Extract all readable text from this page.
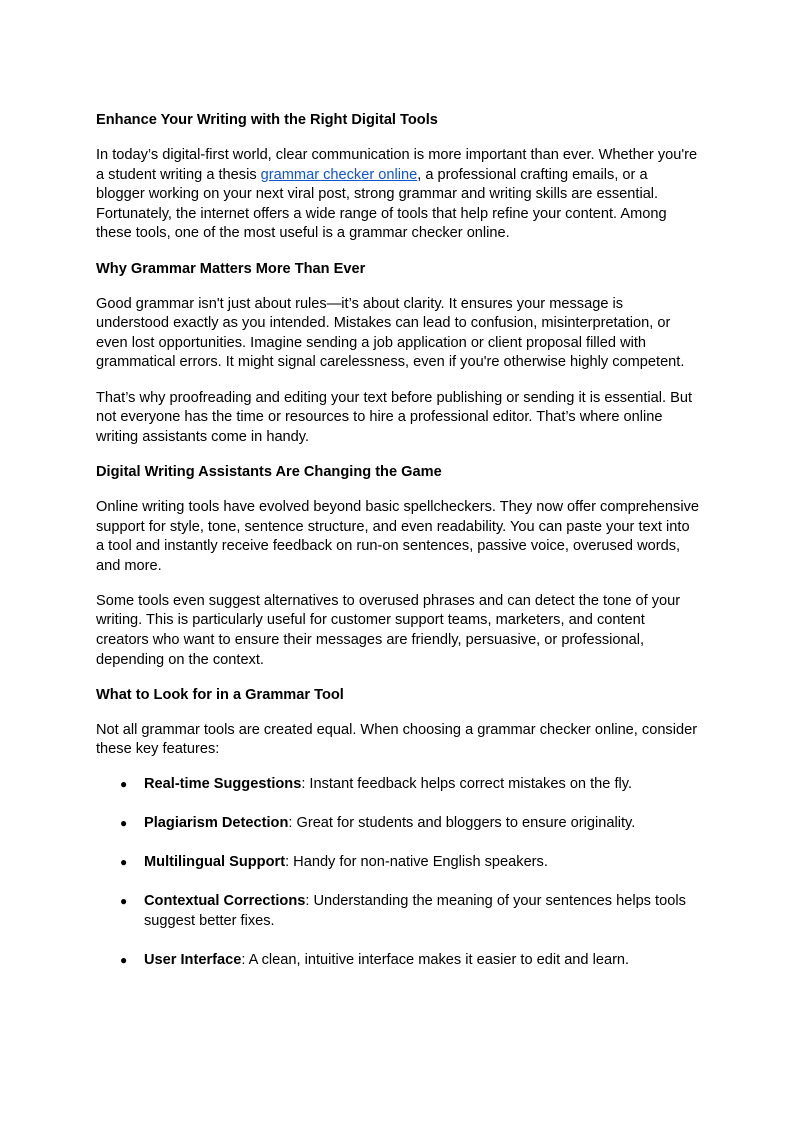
Enhance Your Writing with the Right Digital Tools

In today’s digital-first world, clear communication is more important than ever. Whether you're a student writing a thesis grammar checker online, a professional crafting emails, or a blogger working on your next viral post, strong grammar and writing skills are essential. Fortunately, the internet offers a wide range of tools that help refine your content. Among these tools, one of the most useful is a grammar checker online.

Why Grammar Matters More Than Ever

Good grammar isn't just about rules—it’s about clarity. It ensures your message is understood exactly as you intended. Mistakes can lead to confusion, misinterpretation, or even lost opportunities. Imagine sending a job application or client proposal filled with grammatical errors. It might signal carelessness, even if you're otherwise highly competent.

That’s why proofreading and editing your text before publishing or sending it is essential. But not everyone has the time or resources to hire a professional editor. That’s where online writing assistants come in handy.

Digital Writing Assistants Are Changing the Game

Online writing tools have evolved beyond basic spellcheckers. They now offer comprehensive support for style, tone, sentence structure, and even readability. You can paste your text into a tool and instantly receive feedback on run-on sentences, passive voice, overused words, and more.

Some tools even suggest alternatives to overused phrases and can detect the tone of your writing. This is particularly useful for customer support teams, marketers, and content creators who want to ensure their messages are friendly, persuasive, or professional, depending on the context.

What to Look for in a Grammar Tool

Not all grammar tools are created equal. When choosing a grammar checker online, consider these key features:

● Real-time Suggestions: Instant feedback helps correct mistakes on the fly.
● Plagiarism Detection: Great for students and bloggers to ensure originality.
● Multilingual Support: Handy for non-native English speakers.
● Contextual Corrections: Understanding the meaning of your sentences helps tools suggest better fixes.
● User Interface: A clean, intuitive interface makes it easier to edit and learn.
